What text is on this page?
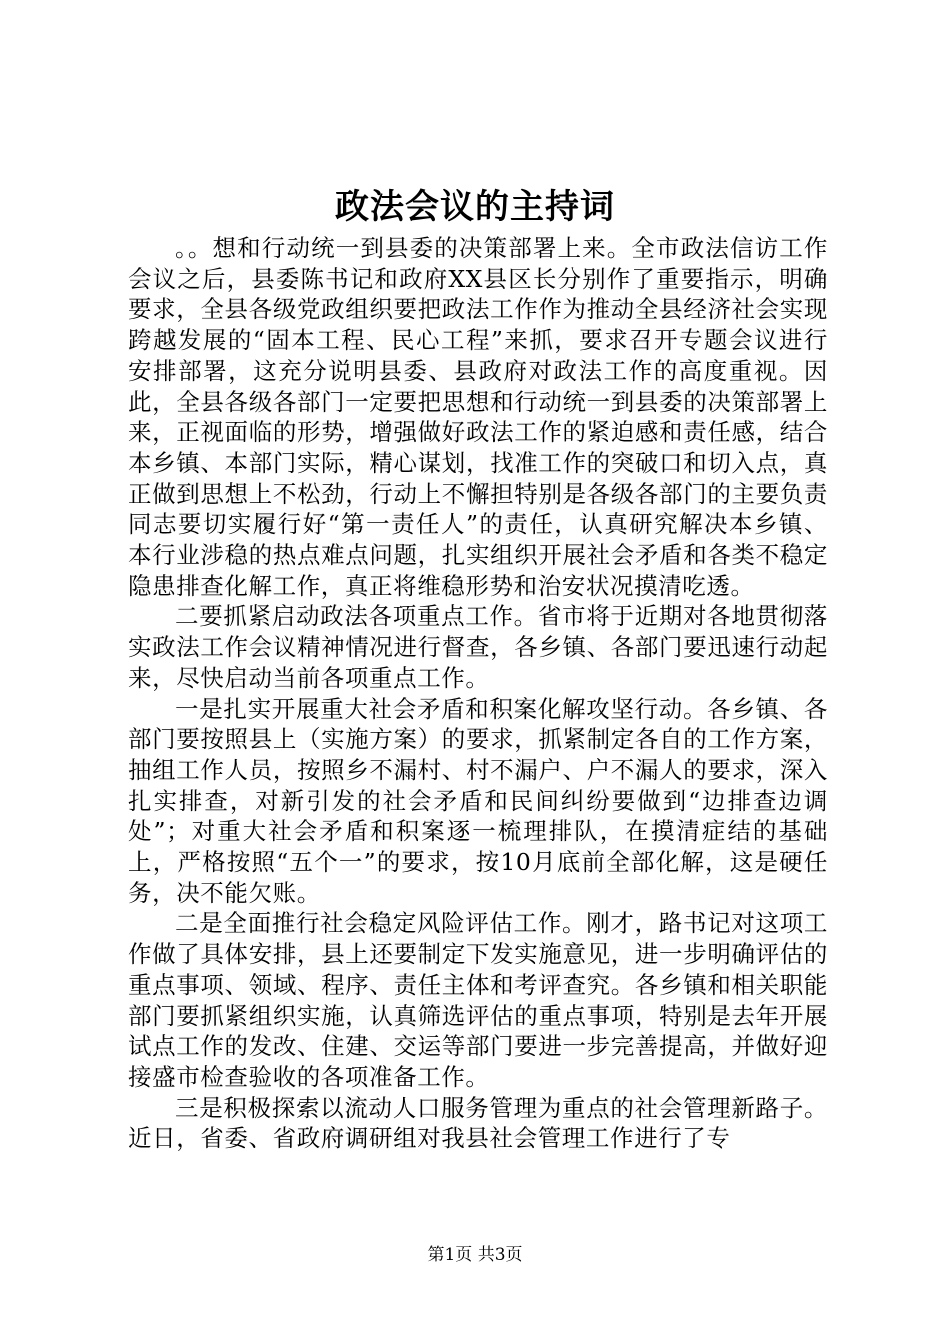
政法会议的主持词

。。想和行动统一到县委的决策部署上来。全市政法信访工作会议之后，县委陈书记和政府XX县区长分别作了重要指示，明确要求，全县各级党政组织要把政法工作作为推动全县经济社会实现跨越发展的“固本工程、民心工程”来抓，要求召开专题会议进行安排部署，这充分说明县委、县政府对政法工作的高度重视。因此，全县各级各部门一定要把思想和行动统一到县委的决策部署上来，正视面临的形势，增强做好政法工作的紧迫感和责任感，结合本乡镇、本部门实际，精心谋划，找准工作的突破口和切入点，真正做到思想上不松劲，行动上不懈担特别是各级各部门的主要负责同志要切实履行好“第一责任人”的责任，认真研究解决本乡镇、本行业涉稳的热点难点问题，扎实组织开展社会矛盾和各类不稳定隐患排查化解工作，真正将维稳形势和治安状况摸清吃透。

二要抓紧启动政法各项重点工作。省市将于近期对各地贯彻落实政法工作会议精神情况进行督查，各乡镇、各部门要迅速行动起来，尽快启动当前各项重点工作。

一是扎实开展重大社会矛盾和积案化解攻坚行动。各乡镇、各部门要按照县上（实施方案）的要求，抓紧制定各自的工作方案，抽组工作人员，按照乡不漏村、村不漏户、户不漏人的要求，深入扎实排查，对新引发的社会矛盾和民间纠纷要做到“边排查边调处”；对重大社会矛盾和积案逐一梳理排队，在摸清症结的基础上，严格按照“五个一”的要求，按10月底前全部化解，这是硬任务，决不能欠账。

二是全面推行社会稳定风险评估工作。刚才，路书记对这项工作做了具体安排，县上还要制定下发实施意见，进一步明确评估的重点事项、领域、程序、责任主体和考评查究。各乡镇和相关职能部门要抓紧组织实施，认真筛选评估的重点事项，特别是去年开展试点工作的发改、住建、交运等部门要进一步完善提高，并做好迎接盛市检查验收的各项准备工作。

三是积极探索以流动人口服务管理为重点的社会管理新路子。近日，省委、省政府调研组对我县社会管理工作进行了专

第1页 共3页
